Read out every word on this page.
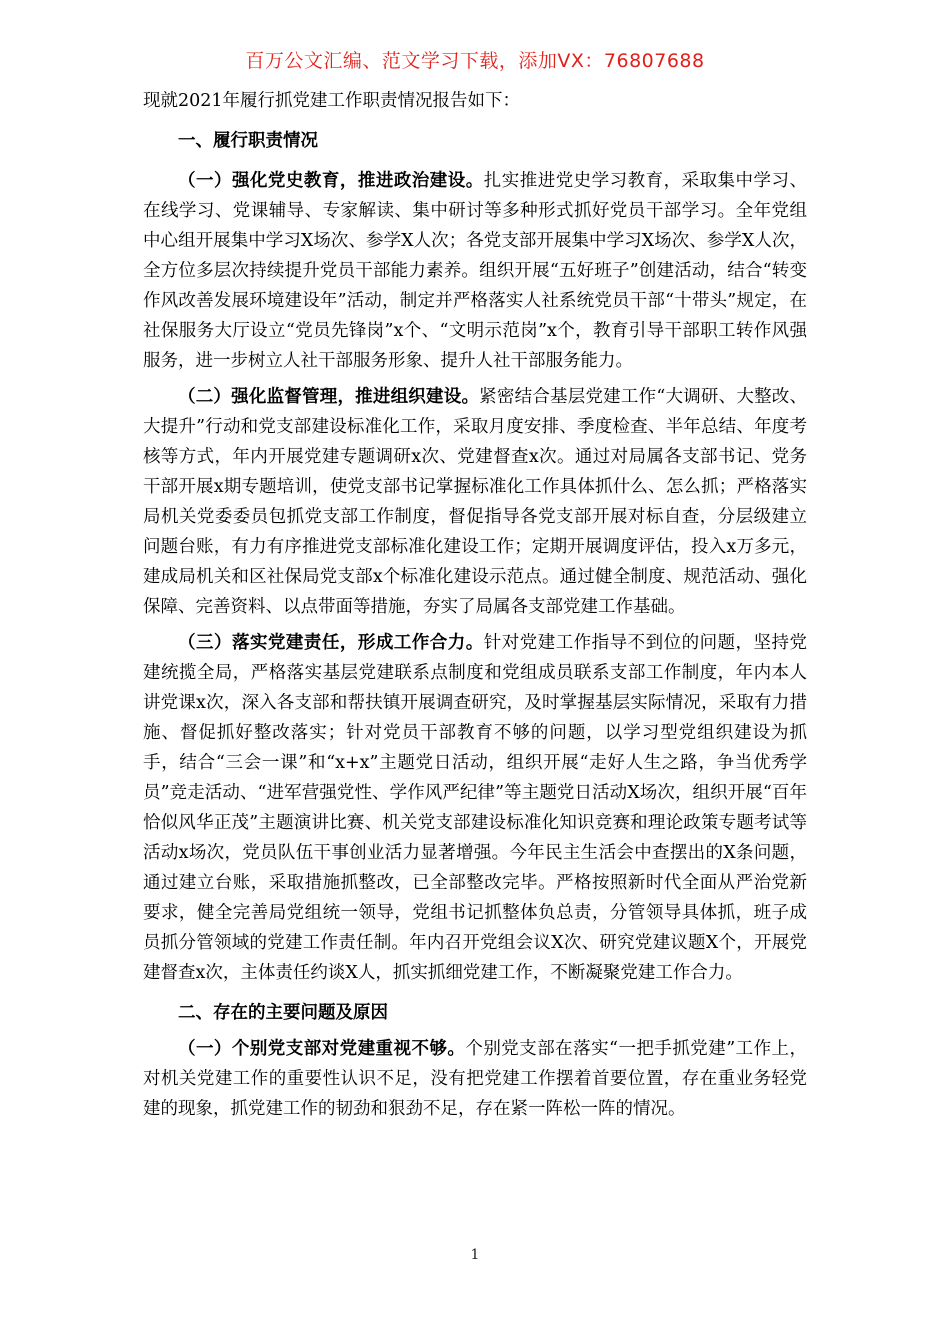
百万公文汇编、范文学习下载，添加VX：76807688

现就2021年履行抓党建工作职责情况报告如下：

一、履行职责情况

（一）强化党史教育，推进政治建设。扎实推进党史学习教育，采取集中学习、在线学习、党课辅导、专家解读、集中研讨等多种形式抓好党员干部学习。全年党组中心组开展集中学习X场次、参学X人次；各党支部开展集中学习X场次、参学X人次，全方位多层次持续提升党员干部能力素养。组织开展“五好班子”创建活动，结合“转变作风改善发展环境建设年”活动，制定并严格落实人社系统党员干部“十带头”规定，在社保服务大厅设立“党员先锋岗”x个、“文明示范岗”x个，教育引导干部职工转作风强服务，进一步树立人社干部服务形象、提升人社干部服务能力。

（二）强化监督管理，推进组织建设。紧密结合基层党建工作“大调研、大整改、大提升”行动和党支部建设标准化工作，采取月度安排、季度检查、半年总结、年度考核等方式，年内开展党建专题调研x次、党建督查x次。通过对局属各支部书记、党务干部开展x期专题培训，使党支部书记掌握标准化工作具体抓什么、怎么抓；严格落实局机关党委委员包抓党支部工作制度，督促指导各党支部开展对标自查，分层级建立问题台账，有力有序推进党支部标准化建设工作；定期开展调度评估，投入x万多元，建成局机关和区社保局党支部x个标准化建设示范点。通过健全制度、规范活动、强化保障、完善资料、以点带面等措施，夯实了局属各支部党建工作基础。

（三）落实党建责任，形成工作合力。针对党建工作指导不到位的问题，坚持党建统揽全局，严格落实基层党建联系点制度和党组成员联系支部工作制度，年内本人讲党课x次，深入各支部和帮扶镇开展调查研究，及时掌握基层实际情况，采取有力措施、督促抓好整改落实；针对党员干部教育不够的问题，以学习型党组织建设为抓手，结合“三会一课”和“x+x”主题党日活动，组织开展“走好人生之路，争当优秀学员”竞走活动、“进军营强党性、学作风严纪律”等主题党日活动X场次，组织开展“百年恰似风华正茂”主题演讲比赛、机关党支部建设标准化知识竞赛和理论政策专题考试等活动x场次，党员队伍干事创业活力显著增强。今年民主生活会中查摆出的X条问题，通过建立台账，采取措施抓整改，已全部整改完毕。严格按照新时代全面从严治党新要求，健全完善局党组统一领导，党组书记抓整体负总责，分管领导具体抓，班子成员抓分管领域的党建工作责任制。年内召开党组会议X次、研究党建议题X个，开展党建督查x次，主体责任约谈X人，抓实抓细党建工作，不断凝聚党建工作合力。

二、存在的主要问题及原因

（一）个别党支部对党建重视不够。个别党支部在落实“一把手抓党建”工作上，对机关党建工作的重要性认识不足，没有把党建工作摆着首要位置，存在重业务轻党建的现象，抓党建工作的韧劲和狠劲不足，存在紧一阵松一阵的情况。

1
